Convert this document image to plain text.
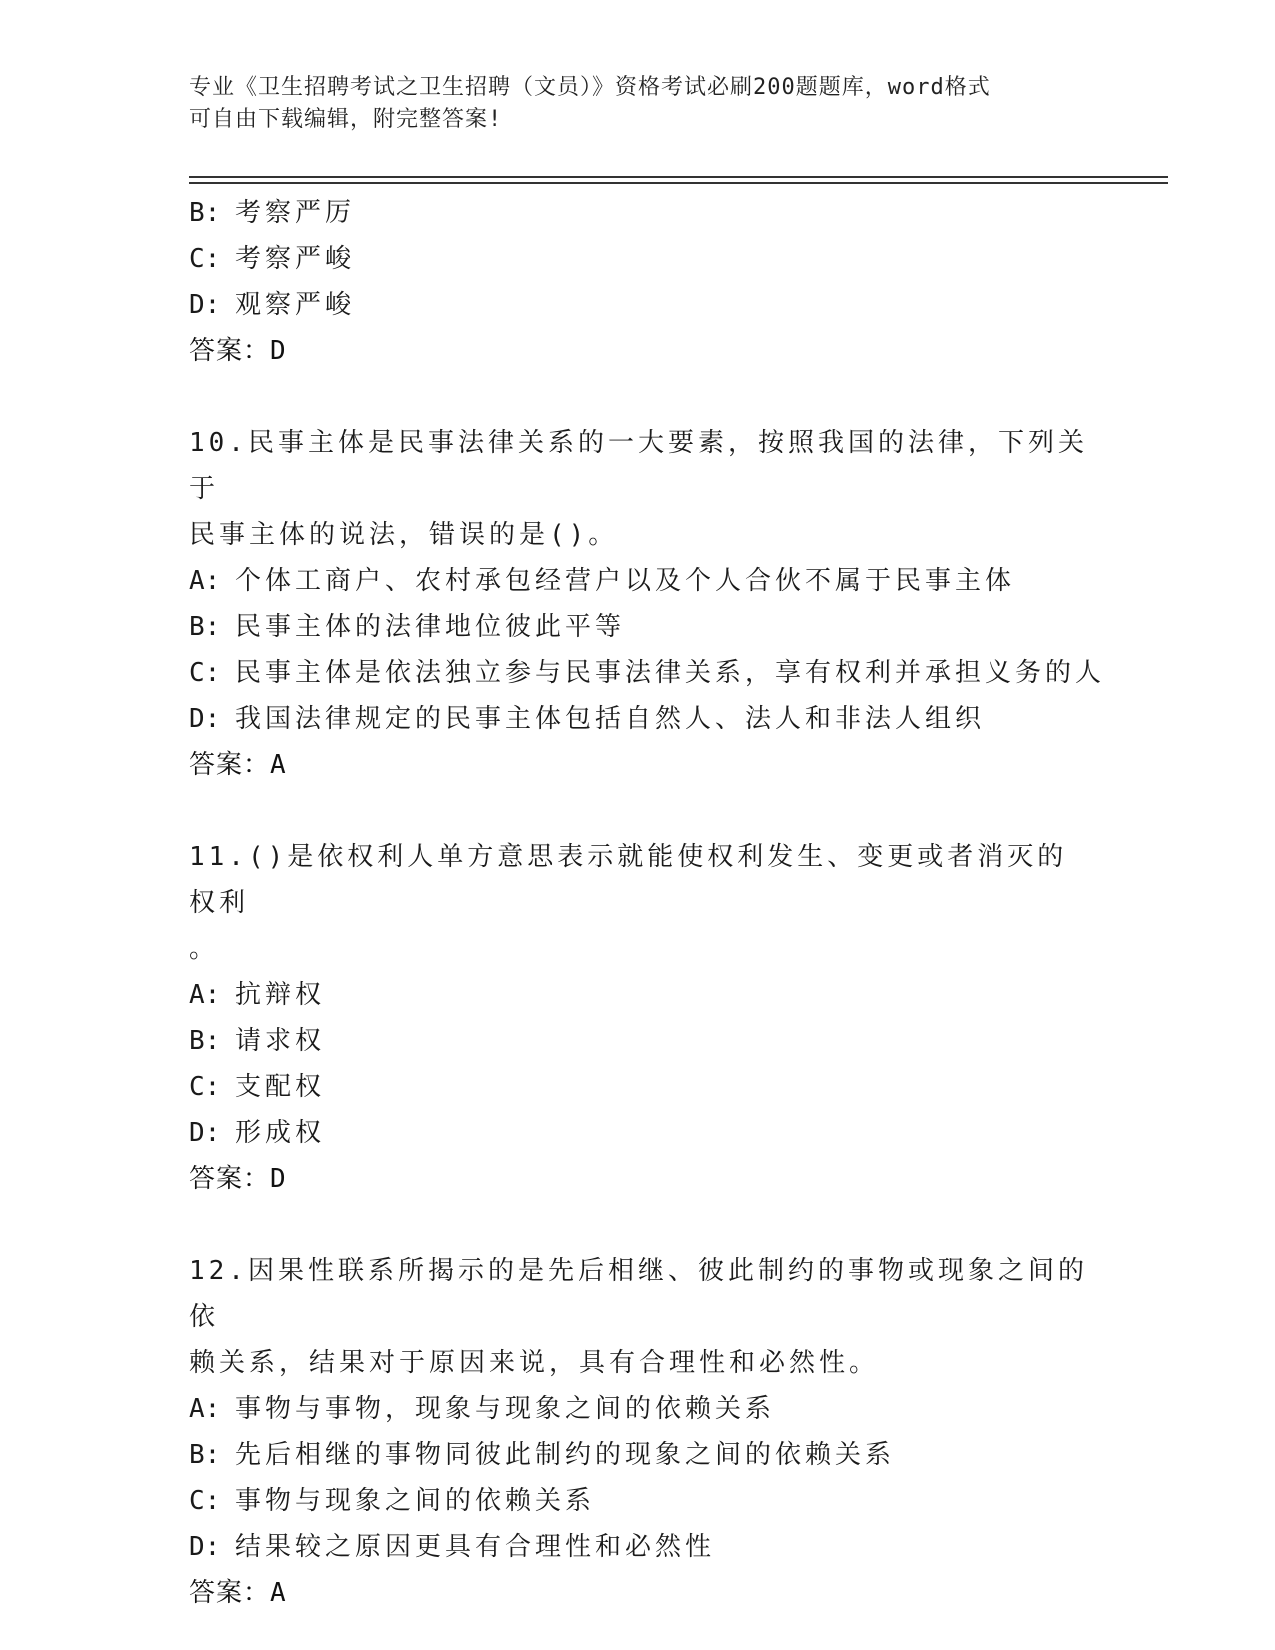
专业《卫生招聘考试之卫生招聘（文员）》资格考试必刷200题题库，word格式
可自由下载编辑，附完整答案!
B: 考察严厉
C: 考察严峻
D: 观察严峻
答案：D
10.民事主体是民事法律关系的一大要素，按照我国的法律，下列关于
民事主体的说法，错误的是()。
A: 个体工商户、农村承包经营户以及个人合伙不属于民事主体
B: 民事主体的法律地位彼此平等
C: 民事主体是依法独立参与民事法律关系，享有权利并承担义务的人
D: 我国法律规定的民事主体包括自然人、法人和非法人组织
答案：A
11.()是依权利人单方意思表示就能使权利发生、变更或者消灭的权利
。
A: 抗辩权
B: 请求权
C: 支配权
D: 形成权
答案：D
12.因果性联系所揭示的是先后相继、彼此制约的事物或现象之间的依
赖关系，结果对于原因来说，具有合理性和必然性。
A: 事物与事物，现象与现象之间的依赖关系
B: 先后相继的事物同彼此制约的现象之间的依赖关系
C: 事物与现象之间的依赖关系
D: 结果较之原因更具有合理性和必然性
答案：A
